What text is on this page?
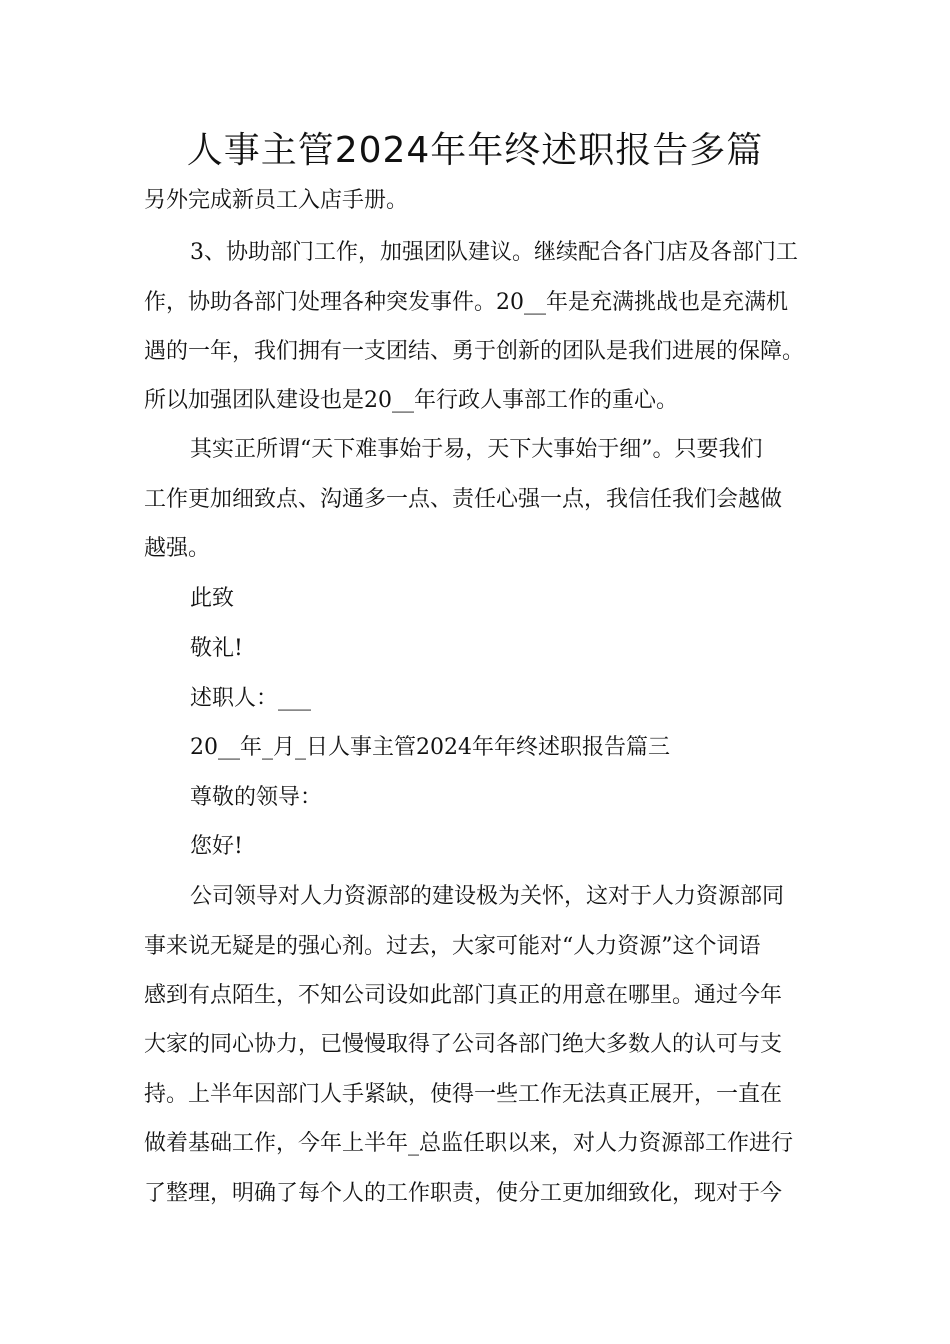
人事主管2024年年终述职报告多篇

另外完成新员工入店手册。

3、协助部门工作，加强团队建议。继续配合各门店及各部门工

作，协助各部门处理各种突发事件。20__年是充满挑战也是充满机

遇的一年，我们拥有一支团结、勇于创新的团队是我们进展的保障。

所以加强团队建设也是20__年行政人事部工作的重心。

其实正所谓“天下难事始于易，天下大事始于细”。只要我们

工作更加细致点、沟通多一点、责任心强一点，我信任我们会越做

越强。

此致

敬礼!

述职人：___

20__年_月_日人事主管2024年年终述职报告篇三

尊敬的领导：

您好!

公司领导对人力资源部的建设极为关怀，这对于人力资源部同

事来说无疑是的强心剂。过去，大家可能对“人力资源”这个词语

感到有点陌生，不知公司设如此部门真正的用意在哪里。通过今年

大家的同心协力，已慢慢取得了公司各部门绝大多数人的认可与支

持。上半年因部门人手紧缺，使得一些工作无法真正展开，一直在

做着基础工作，今年上半年_总监任职以来，对人力资源部工作进行

了整理，明确了每个人的工作职责，使分工更加细致化，现对于今
